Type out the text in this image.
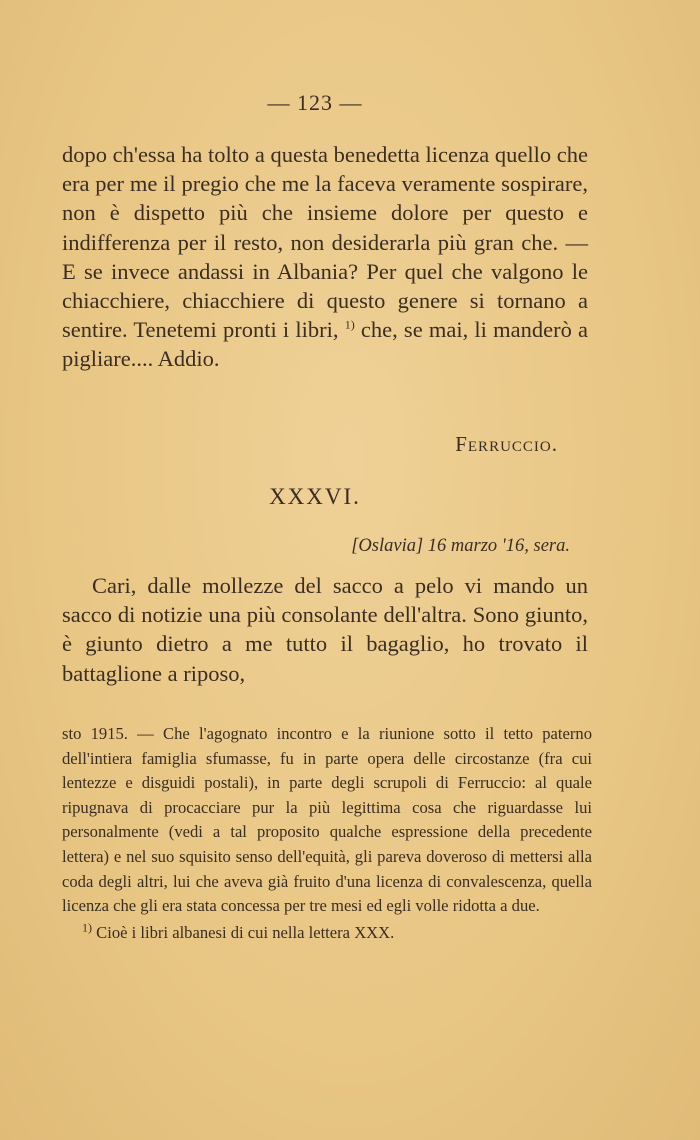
— 123 —

dopo ch'essa ha tolto a questa benedetta licenza quello che era per me il pregio che me la faceva veramente sospirare, non è dispetto più che insieme dolore per questo e indifferenza per il resto, non desiderarla più gran che. — E se invece andassi in Albania? Per quel che valgono le chiacchiere, chiacchiere di questo genere si tornano a sentire. Tenetemi pronti i libri, $^{1)}$ che, se mai, li manderò a pigliare.... Addio.

Ferruccio.
XXXVI.
[Oslavia] 16 marzo '16, sera.

Cari, dalle mollezze del sacco a pelo vi mando un sacco di notizie una più consolante dell'altra. Sono giunto, è giunto dietro a me tutto il bagaglio, ho trovato il battaglione a riposo,

sto 1915. — Che l'agognato incontro e la riunione sotto il tetto paterno dell'intiera famiglia sfumasse, fu in parte opera delle circostanze (fra cui lentezze e disguidi postali), in parte degli scrupoli di Ferruccio: al quale ripugnava di procacciare pur la più legittima cosa che riguardasse lui personalmente (vedi a tal proposito qualche espressione della precedente lettera) e nel suo squisito senso dell'equità, gli pareva doveroso di mettersi alla coda degli altri, lui che aveva già fruito d'una licenza di convalescenza, quella licenza che gli era stata concessa per tre mesi ed egli volle ridotta a due.

$^{1)}$ Cioè i libri albanesi di cui nella lettera XXX.
